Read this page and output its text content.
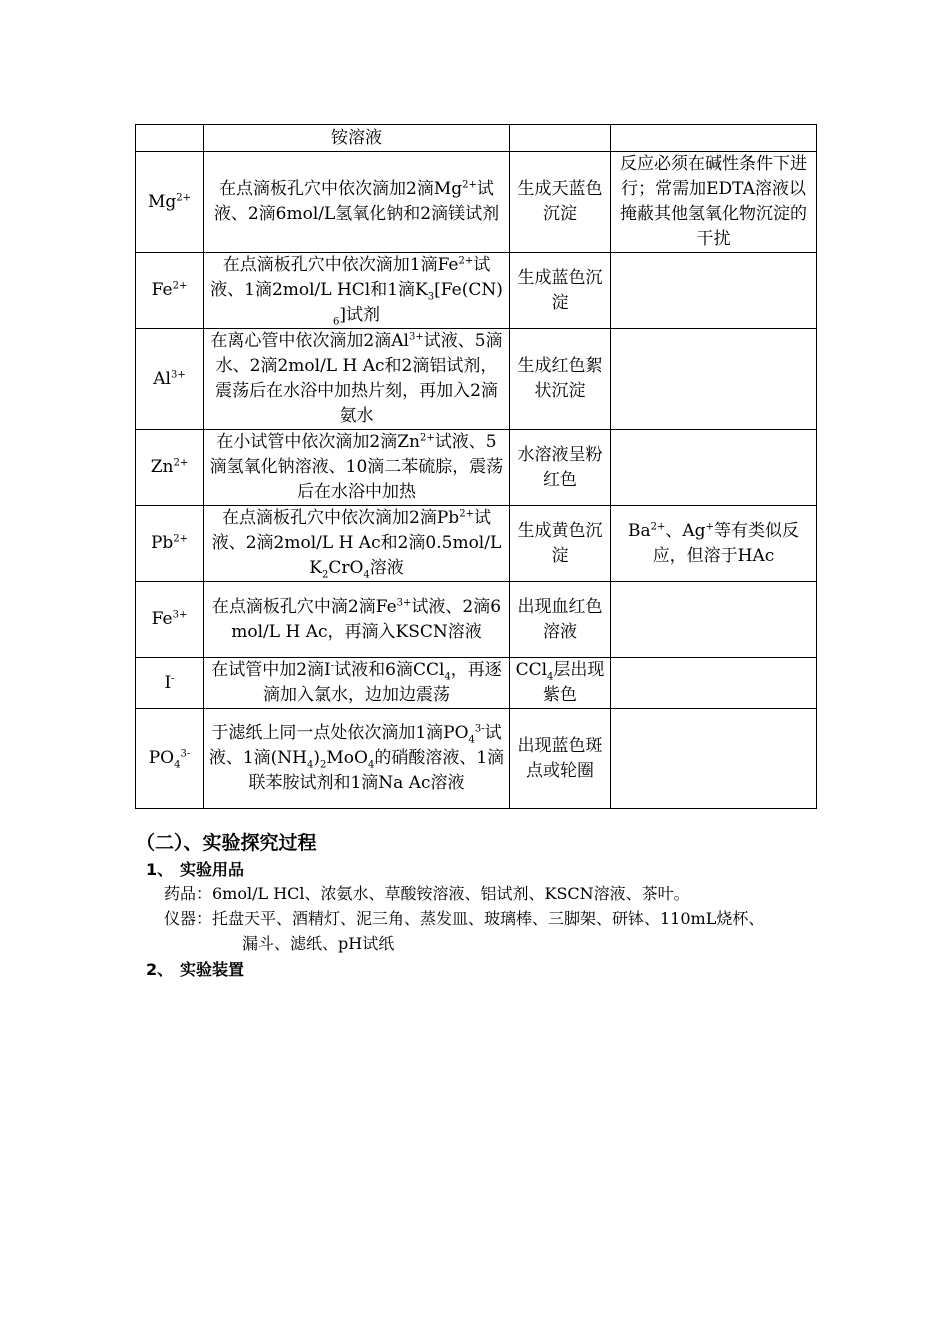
	铵溶液		
$Mg^{2+}$	在点滴板孔穴中依次滴加2滴$Mg^{2+}$试液、2滴6mol/L氢氧化钠和2滴镁试剂	生成天蓝色沉淀	反应必须在碱性条件下进行；常需加EDTA溶液以掩蔽其他氢氧化物沉淀的干扰
$Fe^{2+}$	在点滴板孔穴中依次滴加1滴$Fe^{2+}$试液、1滴2mol/L HCl和1滴$K_3[Fe(CN)_6]$试剂	生成蓝色沉淀	
$Al^{3+}$	在离心管中依次滴加2滴$Al^{3+}$试液、5滴水、2滴2mol/L H Ac和2滴铝试剂，震荡后在水浴中加热片刻，再加入2滴氨水	生成红色絮状沉淀	
$Zn^{2+}$	在小试管中依次滴加2滴$Zn^{2+}$试液、5滴氢氧化钠溶液、10滴二苯硫腙，震荡后在水浴中加热	水溶液呈粉红色	
$Pb^{2+}$	在点滴板孔穴中依次滴加2滴$Pb^{2+}$试液、2滴2mol/L H Ac和2滴$0.5mol/LK_2CrO_4$溶液	生成黄色沉淀	$Ba^{2+}$、Ag+等有类似反应，但溶于HAc
$Fe^{3+}$	在点滴板孔穴中滴2滴$Fe^{3+}$试液、2滴6mol/L H Ac，再滴入KSCN溶液	出现血红色溶液	
I-	在试管中加2滴I-试液和6滴CCl$_4$，再逐滴加入氯水，边加边震荡	CCl$_4$层出现紫色	
$PO_4^{3-}$	于滤纸上同一点处依次滴加1滴$PO_4^{3-}$试液、1滴$(NH_4)_2MoO_4$的硝酸溶液、1滴联苯胺试剂和1滴Na Ac溶液	出现蓝色斑点或轮圈	
（二）、实验探究过程
1、 实验用品
药品：6mol/L HCl、浓氨水、草酸铵溶液、铝试剂、KSCN溶液、茶叶。
仪器：托盘天平、酒精灯、泥三角、蒸发皿、玻璃棒、三脚架、研钵、110mL烧杯、
漏斗、滤纸、pH试纸
2、 实验装置
